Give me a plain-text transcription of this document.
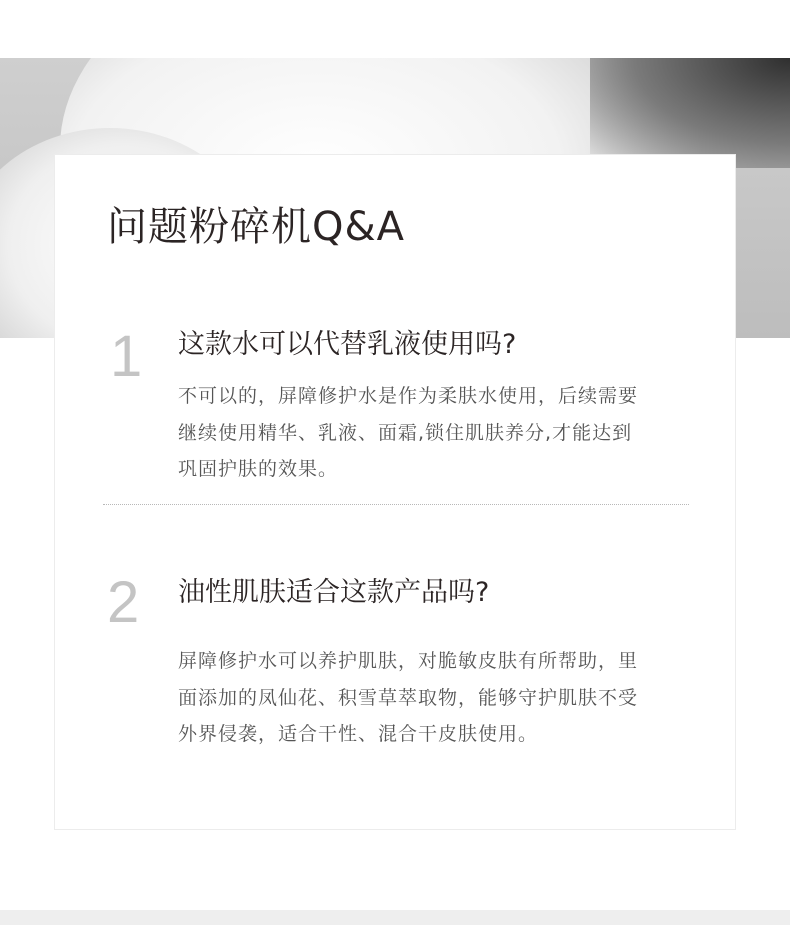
问题粉碎机Q&A
1 这款水可以代替乳液使用吗?
不可以的，屏障修护水是作为柔肤水使用，后续需要继续使用精华、乳液、面霜,锁住肌肤养分,才能达到巩固护肤的效果。
2 油性肌肤适合这款产品吗?
屏障修护水可以养护肌肤，对脆敏皮肤有所帮助，里面添加的凤仙花、积雪草萃取物，能够守护肌肤不受外界侵袭，适合干性、混合干皮肤使用。
